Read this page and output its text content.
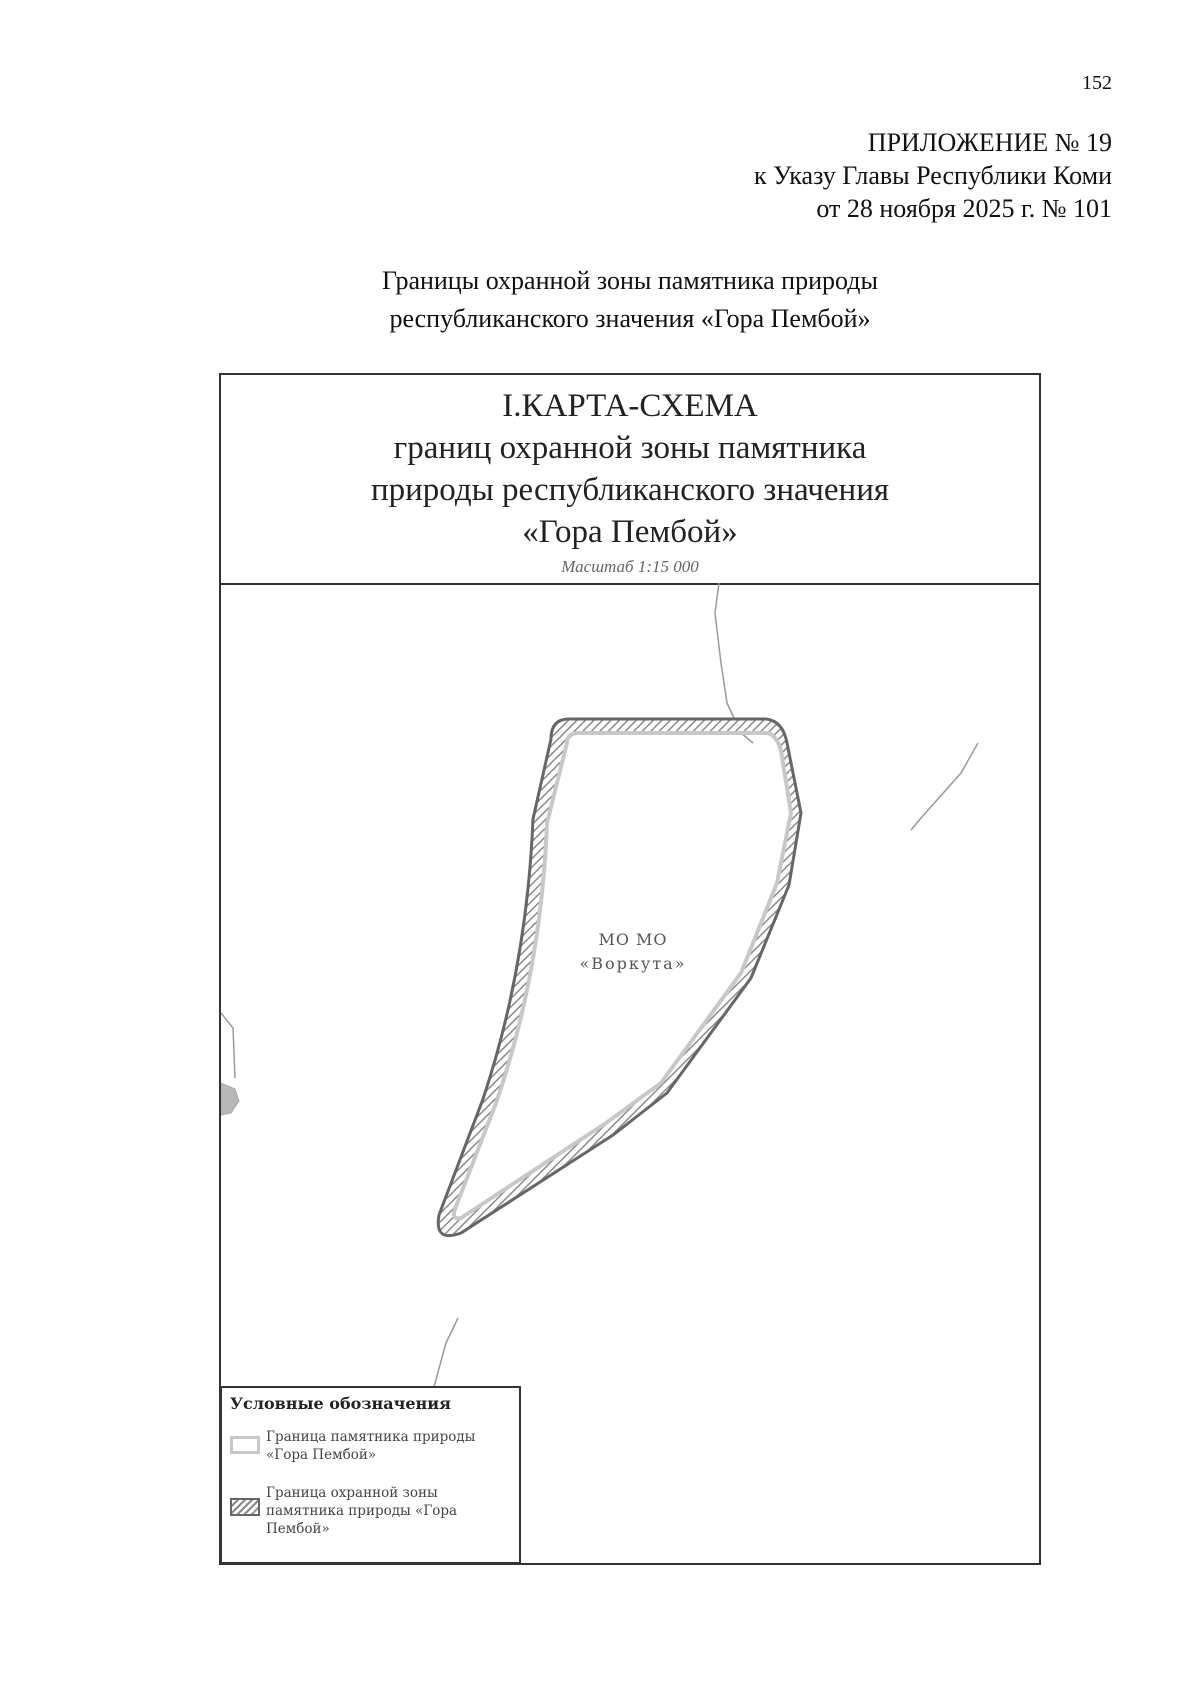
152
ПРИЛОЖЕНИЕ № 19
к Указу Главы Республики Коми
от 28 ноября 2025 г. № 101
Границы охранной зоны памятника природы
республиканского значения «Гора Пембой»
I.КАРТА-СХЕМА
границ охранной зоны памятника
природы республиканского значения
«Гора Пембой»
Масштаб 1:15 000
МО МО
«Воркута»
Условные обозначения
Граница памятника природы «Гора Пембой»
Граница охранной зоны памятника природы «Гора Пембой»
